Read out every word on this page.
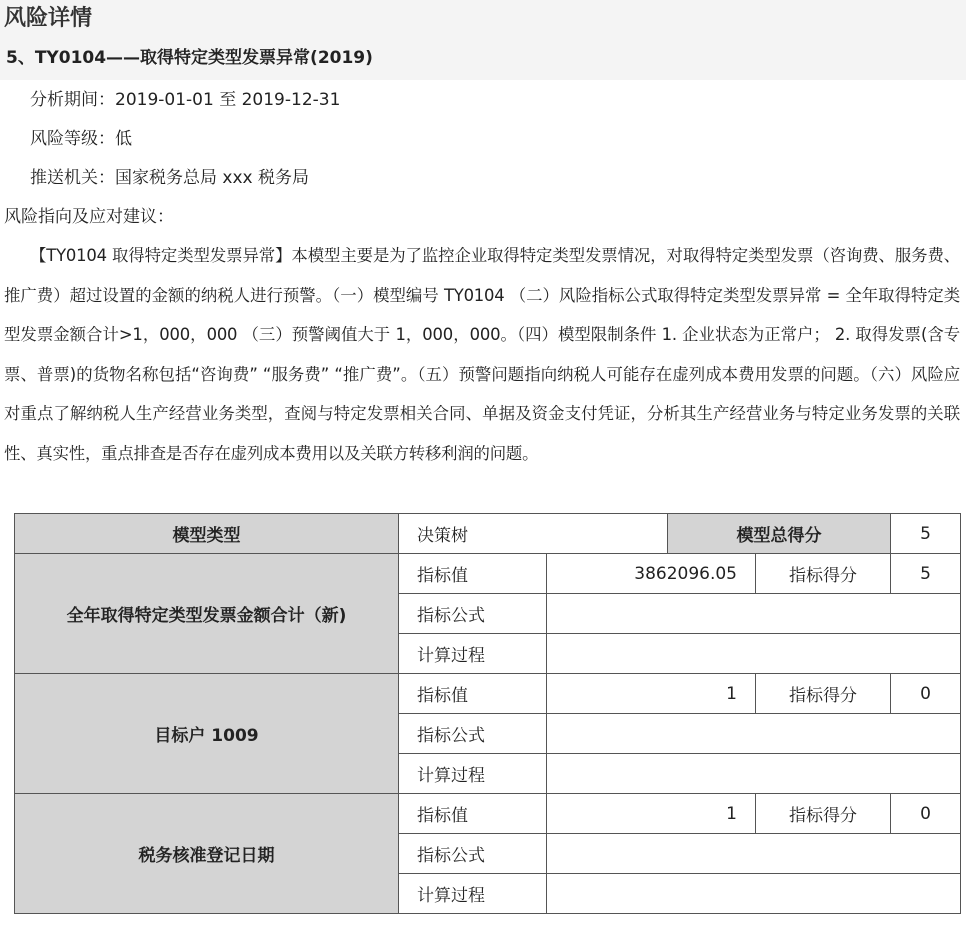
风险详情
5、TY0104——取得特定类型发票异常(2019)
分析期间：2019-01-01 至 2019-12-31
风险等级：低
推送机关：国家税务总局 xxx 税务局
风险指向及应对建议：
【TY0104 取得特定类型发票异常】本模型主要是为了监控企业取得特定类型发票情况，对取得特定类型发票（咨询费、服务费、推广费）超过设置的金额的纳税人进行预警。（一）模型编号 TY0104 （二）风险指标公式取得特定类型发票异常 = 全年取得特定类型发票金额合计>1，000，000 （三）预警阈值大于 1，000，000。（四）模型限制条件 1. 企业状态为正常户； 2. 取得发票(含专票、普票)的货物名称包括“咨询费” “服务费” “推广费”。（五）预警问题指向纳税人可能存在虚列成本费用发票的问题。（六）风险应对重点了解纳税人生产经营业务类型，查阅与特定发票相关合同、单据及资金支付凭证，分析其生产经营业务与特定业务发票的关联性、真实性，重点排查是否存在虚列成本费用以及关联方转移利润的问题。
模型类型	决策树		模型总得分		5
全年取得特定类型发票金额合计（新)	指标值	3862096.05		指标得分	5
	指标公式				
	计算过程				
目标户 1009	指标值	1		指标得分	0
	指标公式				
	计算过程				
税务核准登记日期	指标值	1		指标得分	0
	指标公式				
	计算过程				
